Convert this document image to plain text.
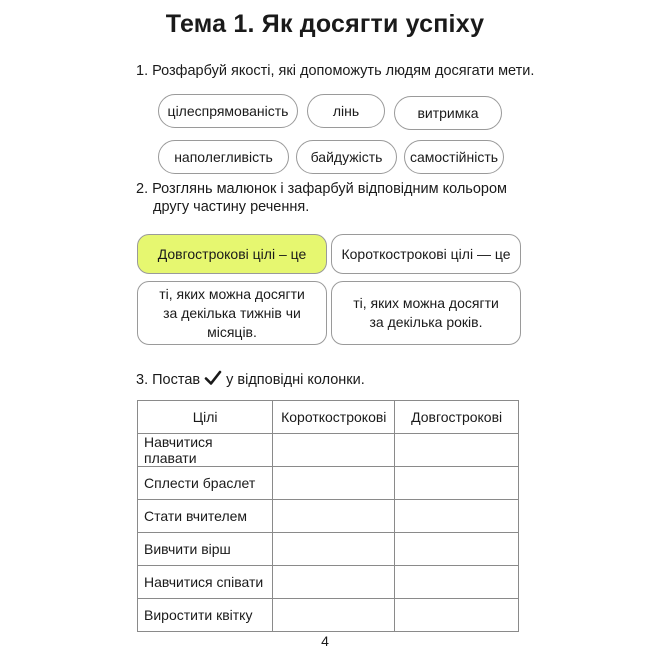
Тема 1. Як досягти успіху
1. Розфарбуй якості, які допоможуть людям досягати мети.
цілеспрямованість	лінь	витримка
наполегливість	байдужість самостійність
2. Розглянь малюнок і зафарбуй відповідним кольором
другу частину речення.
Довгострокові цілі – це	Короткострокові цілі — це
ті, яких можна досягти за декілька тижнів чи місяців.
ті, яких можна досягти за декілька років.
3. Постав у відповідні колонки.
Цілі	Короткострокові	Довгострокові
Навчитися плавати		
Сплести браслет		
Стати вчителем		
Вивчити вірш		
Навчитися співати		
Виростити квітку		
4
